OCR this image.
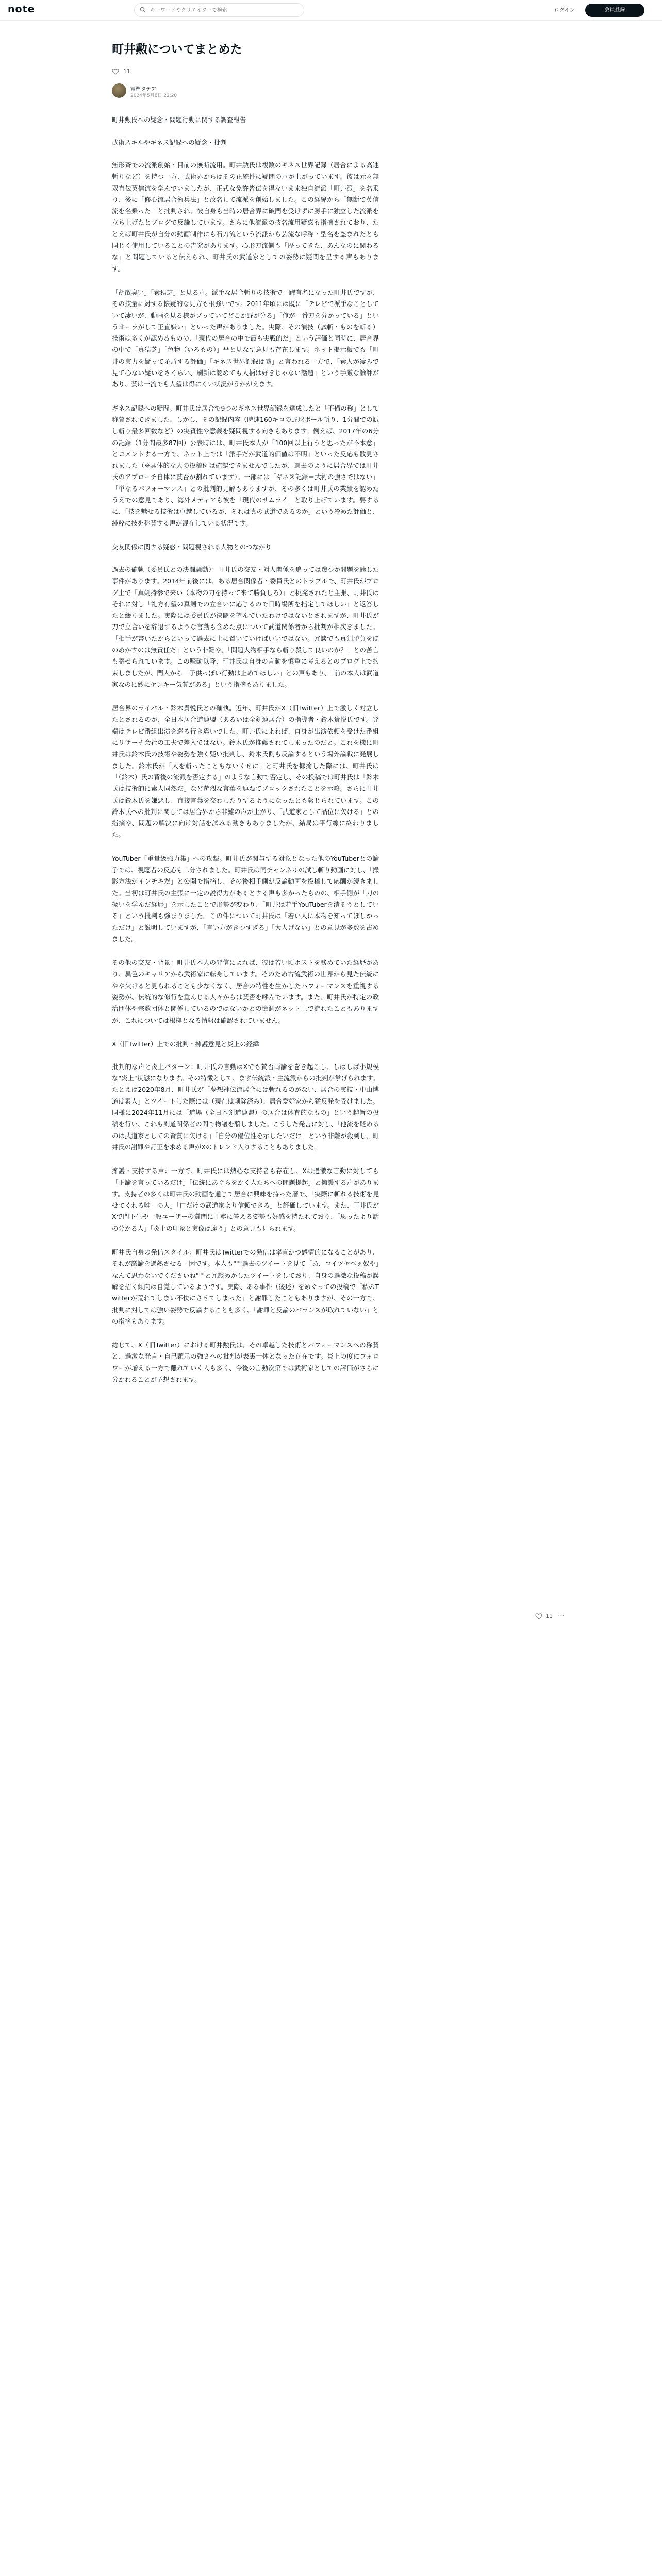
note
キーワードやクリエイターで検索	ログイン	会員登録
町井勲についてまとめた
11
冨樫タテア
2024年5月6日 22:20

町井勲氏への疑念・問題行動に関する調査報告

武術スキルやギネス記録への疑念・批判

無形斉での流派創始・目前の無断流用。町井勲氏は複数のギネス世界記録（居合による高速斬りなど）を持つ一方、武術界からはその正統性に疑問の声が上がっています。彼は元々無双直伝英信流を学んでいましたが、正式な免許皆伝を得ないまま独自流派「町井派」を名乗り、後に「修心流居合術兵法」と改名して流派を創始しました。この経緯から「無断で英信流を名乗った」と批判され、彼自身も当時の居合界に破門を受けずに勝手に独立した流派を立ち上げたとブログで反論しています。さらに他流派の技名流用疑惑も指摘されており、たとえば町井氏が自分の動画制作にも石刀流という流派から芸流な呼称・型名を盗まれたとも同じく使用していることの告発があります。心形刀流側も「歴ってきた、あんなのに関わるな」と問題していると伝えられ、町井氏の武道家としての姿勢に疑問を呈する声もあります。

「胡散臭い」「素猿芝」と見る声。派手な居合斬りの技術で一躍有名になった町井氏ですが、その技量に対する懐疑的な見方も根強いです。2011年頃には既に「テレビで派手なことしていて凄いが、動画を見る様がブっていてどこか野が分る」「俺が一番刀を分かっている」というオーラがして正直嫌い」といった声がありました。実際、その演技（試斬・ものを斬る）技術は多くが認めるものの、「現代の居合の中で最も実戦的だ」という評価と同時に、居合界の中で「真猿芝」「色物（いろもの）」**と見なす意見も存在します。ネット掲示板でも「町井の実力を疑って矛盾する評価」「ギネス世界記録は嘘」と言われる一方で、「素人が凄みで見て心ない疑いをさくらい、刷新は認めても人柄は好きじゃない話題」という手厳な論評があり、賛は一流でも人望は得にくい状況がうかがえます。

ギネス記録への疑問。町井氏は居合で9つのギネス世界記録を達成したと「不備の称」として称賛されてきました。しかし、その記録内容（時速160キロの野球ボール斬り、1分間での試し斬り最多回数など）の実質性や意義を疑問視する向きもあります。例えば、2017年の6分の記録（1分間最多87回）公表時には、町井氏本人が「100回以上行うと思ったが不本意」とコメントする一方で、ネット上では「派手だが武道的価値は不明」といった反応も散見されました（※具体的な人の投稿例は確認できませんでしたが、過去のように居合界では町井氏のアプローチ自体に賛否が割れています）。一部には「ギネス記録＝武術の強さではない」「単なるパフォーマンス」との批判的見解もありますが、その多くは町井氏の業績を認めたうえでの意見であり、海外メディアも彼を「現代のサムライ」と取り上げています。要するに、「技を魅せる技術は卓越しているが、それは真の武道であるのか」という冷めた評価と、純粋に技を称賛する声が混在している状況です。

交友関係に関する疑惑・問題視される人物とのつながり

過去の確執（委員氏との決闘騒動）：町井氏の交友・対人関係を追っては幾つか問題を醸した事件があります。2014年前後には、ある居合関係者・委員氏とのトラブルで、町井氏がブログ上で「真剣持参で来い（本物の刀を持って来て勝負しろ）」と挑発されたと主張、町井氏はそれに対し「礼方有望の真剣での立合いに応じるので日時場所を指定してほしい」と返答したと綴りました。実際には委員氏が決闘を望んでいたわけではないとされますが、町井氏が刀で立合いを辞退するような言動も含めた点について武道関係者から批判が相次ぎました。「相手が書いたからといって過去に上に置いていけばいいではない。冗談でも真剣勝負をほのめかすのは無責任だ」という非難や、「問題人物相手なら斬り殺して良いのか？」との苦言も寄せられています。この騒動以降、町井氏は自身の言動を慎重に考えるとのブログ上で約束しましたが、門人から「子供っぽい行動は止めてほしい」との声もあり、「前の本人は武道家なのに妙にヤンキー気質がある」という指摘もありました。

居合界のライバル・鈴木貴悦氏との確執。近年、町井氏がX（旧Twitter）上で激しく対立したとされるのが、全日本居合道連盟（あるいは全剣連居合）の指導者・鈴木貴悦氏です。発端はテレビ番組出演を巡る行き違いでした。町井氏によれば、自身が出演依頼を受けた番組にリサーチ会社の工夫で差入ではない。鈴木氏が推薦されてしまったのだと。これを機に町井氏は鈴木氏の技術や姿勢を強く疑い批判し、鈴木氏側も反論するという場外論戦に発展しました。鈴木氏が「人を斬ったこともないくせに」と町井氏を揶揄した際には、町井氏は「（鈴木）氏の背後の流派を否定する」のような言動で否定し、その投稿では町井氏は「鈴木氏は技術的に素人同然だ」など苛烈な言葉を連ねてブロックされたことを示唆。さらに町井氏は鈴木氏を嫌悪し、直接言葉を交わしたりするようになったとも報じられています。この鈴木氏への批判に関しては居合界から非難の声が上がり、「武道家として品位に欠ける」との指摘や、問題の解決に向け対話を試みる動きもありましたが、結局は平行線に終わりました。

YouTuber「重量級強力集」への攻撃。町井氏が関与する対象となった他のYouTuberとの論争では、視聴者の反応も二分されました。町井氏は同チャンネルの試し斬り動画に対し、「撮影方法がインチキだ」と公開で指摘し、その後相手側が反論動画を投稿して応酬が続きました。当初は町井氏の主張に一定の説得力があるとする声も多かったものの、相手側が「刀の扱いを学んだ経歴」を示したことで形勢が変わり、「町井は若手YouTuberを潰そうとしている」という批判も強まりました。この件について町井氏は「若い人に本物を知ってほしかっただけ」と説明していますが、「言い方がきつすぎる」「大人げない」との意見が多数を占めました。

その他の交友・背景：町井氏本人の発信によれば、彼は若い頃ホストを務めていた経歴があり、異色のキャリアから武術家に転身しています。そのため古流武術の世界から見た伝統にやや欠けると見られることも少なくなく、居合の特性を生かしたパフォーマンスを重視する姿勢が、伝統的な修行を重んじる人々からは賛否を呼んでいます。また、町井氏が特定の政治団体や宗教団体と関係しているのではないかとの憶測がネット上で流れたこともありますが、これについては根拠となる情報は確認されていません。

X（旧Twitter）上での批判・擁護意見と炎上の経緯

批判的な声と炎上パターン：町井氏の言動はXでも賛否両論を巻き起こし、しばしば小規模な"炎上"状態になります。その特徴として、まず伝統派・主流派からの批判が挙げられます。たとえば2020年8月、町井氏が「夢想神伝流居合には斬れるのがない、居合の実技・中山博道は素人」とツイートした際には（現在は削除済み）、居合愛好家から猛反発を受けました。同様に2024年11月には「道場（全日本剣道連盟）の居合は体育的なもの」という趣旨の投稿を行い、これも剣道関係者の間で物議を醸しました。こうした発言に対し、「他流を貶めるのは武道家としての資質に欠ける」「自分の優位性を示したいだけ」という非難が殺到し、町井氏の謝罪や訂正を求める声がXのトレンド入りすることもありました。

擁護・支持する声：一方で、町井氏には熱心な支持者も存在し、Xは過激な言動に対しても「正論を言っているだけ」「伝統にあぐらをかく人たちへの問題提起」と擁護する声があります。支持者の多くは町井氏の動画を通じて居合に興味を持った層で、「実際に斬れる技術を見せてくれる唯一の人」「口だけの武道家より信頼できる」と評価しています。また、町井氏がXで門下生や一般ユーザーの質問に丁寧に答える姿勢も好感を持たれており、「思ったより話の分かる人」「炎上の印象と実像は違う」との意見も見られます。

町井氏自身の発信スタイル：町井氏はTwitterでの発信は率直かつ感情的になることがあり、それが議論を過熱させる一因です。本人も"""過去のツイートを見て「あ、コイツヤベぇ奴や」なんて思わないでくださいね"""と冗談めかしたツイートをしており、自身の過激な投稿が誤解を招く傾向は自覚しているようです。実際、ある事件（後述）をめぐっての投稿で「私のTwitterが荒れてしまい不快にさせてしまった」と謝罪したこともありますが、その一方で、批判に対しては強い姿勢で反論することも多く、「謝罪と反論のバランスが取れていない」との指摘もあります。

総じて、X（旧Twitter）における町井勲氏は、その卓越した技術とパフォーマンスへの称賛と、過激な発言・自己顕示の強さへの批判が表裏一体となった存在です。炎上の度にフォロワーが増える一方で離れていく人も多く、今後の言動次第では武術家としての評価がさらに分かれることが予想されます。

11 ⋯
